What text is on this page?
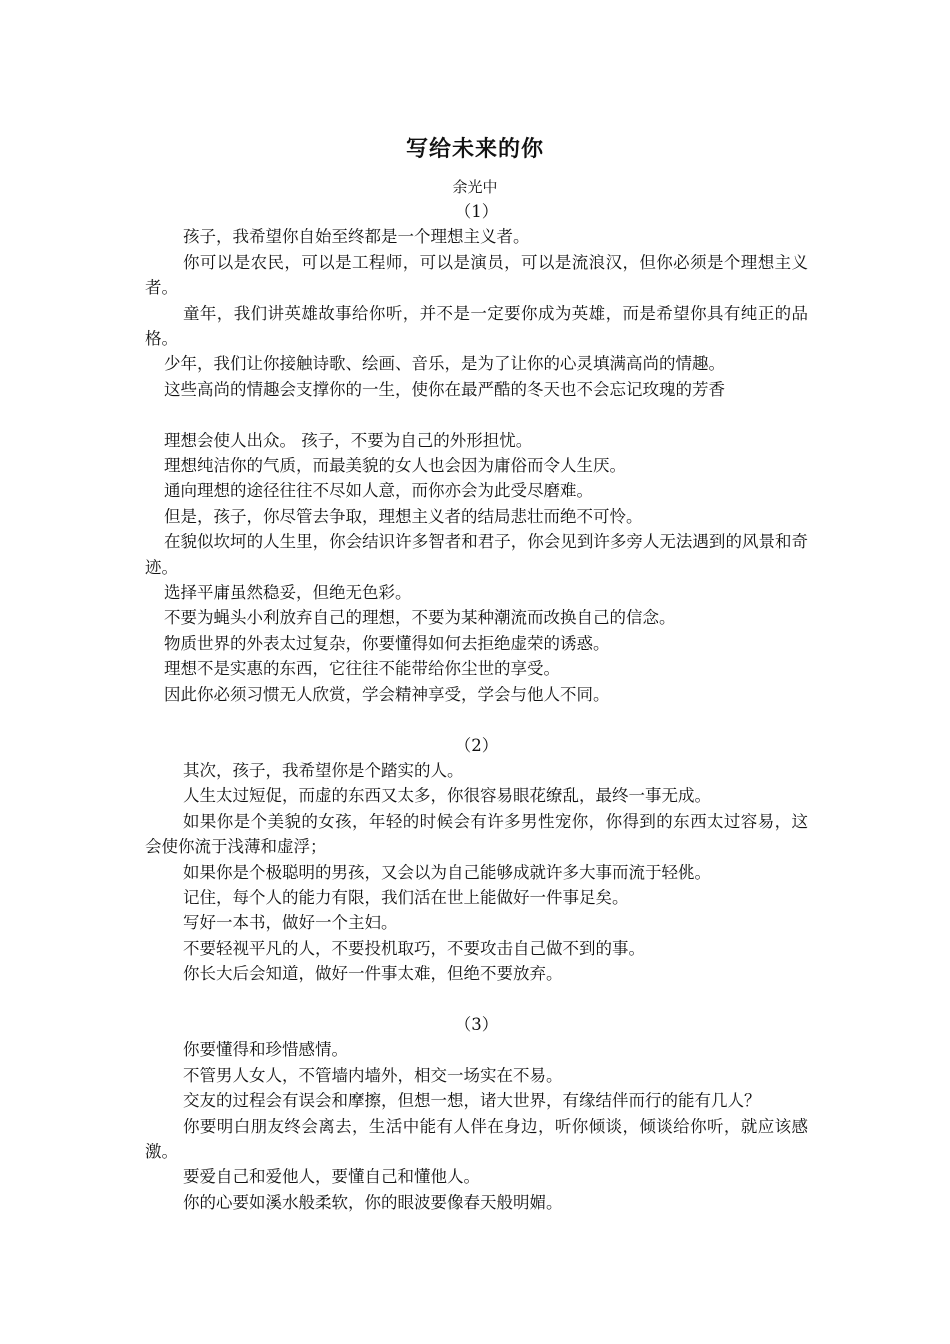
写给未来的你
余光中

（1）

孩子，我希望你自始至终都是一个理想主义者。

你可以是农民，可以是工程师，可以是演员，可以是流浪汉，但你必须是个理想主义者。

童年，我们讲英雄故事给你听，并不是一定要你成为英雄，而是希望你具有纯正的品格。

少年，我们让你接触诗歌、绘画、音乐，是为了让你的心灵填满高尚的情趣。

这些高尚的情趣会支撑你的一生，使你在最严酷的冬天也不会忘记玫瑰的芳香

理想会使人出众。 孩子，不要为自己的外形担忧。

理想纯洁你的气质，而最美貌的女人也会因为庸俗而令人生厌。

通向理想的途径往往不尽如人意，而你亦会为此受尽磨难。

但是，孩子，你尽管去争取，理想主义者的结局悲壮而绝不可怜。

在貌似坎坷的人生里，你会结识许多智者和君子，你会见到许多旁人无法遇到的风景和奇迹。

选择平庸虽然稳妥，但绝无色彩。

不要为蝇头小利放弃自己的理想，不要为某种潮流而改换自己的信念。

物质世界的外表太过复杂，你要懂得如何去拒绝虚荣的诱惑。

理想不是实惠的东西，它往往不能带给你尘世的享受。

因此你必须习惯无人欣赏，学会精神享受，学会与他人不同。

（2）

其次，孩子，我希望你是个踏实的人。

人生太过短促，而虚的东西又太多，你很容易眼花缭乱，最终一事无成。

如果你是个美貌的女孩，年轻的时候会有许多男性宠你，你得到的东西太过容易，这会使你流于浅薄和虚浮；

如果你是个极聪明的男孩，又会以为自己能够成就许多大事而流于轻佻。

记住，每个人的能力有限，我们活在世上能做好一件事足矣。

写好一本书，做好一个主妇。

不要轻视平凡的人，不要投机取巧，不要攻击自己做不到的事。

你长大后会知道，做好一件事太难，但绝不要放弃。

（3）

你要懂得和珍惜感情。

不管男人女人，不管墙内墙外，相交一场实在不易。

交友的过程会有误会和摩擦，但想一想，诸大世界，有缘结伴而行的能有几人？

你要明白朋友终会离去，生活中能有人伴在身边，听你倾谈，倾谈给你听，就应该感激。

要爱自己和爱他人，要懂自己和懂他人。

你的心要如溪水般柔软，你的眼波要像春天般明媚。
